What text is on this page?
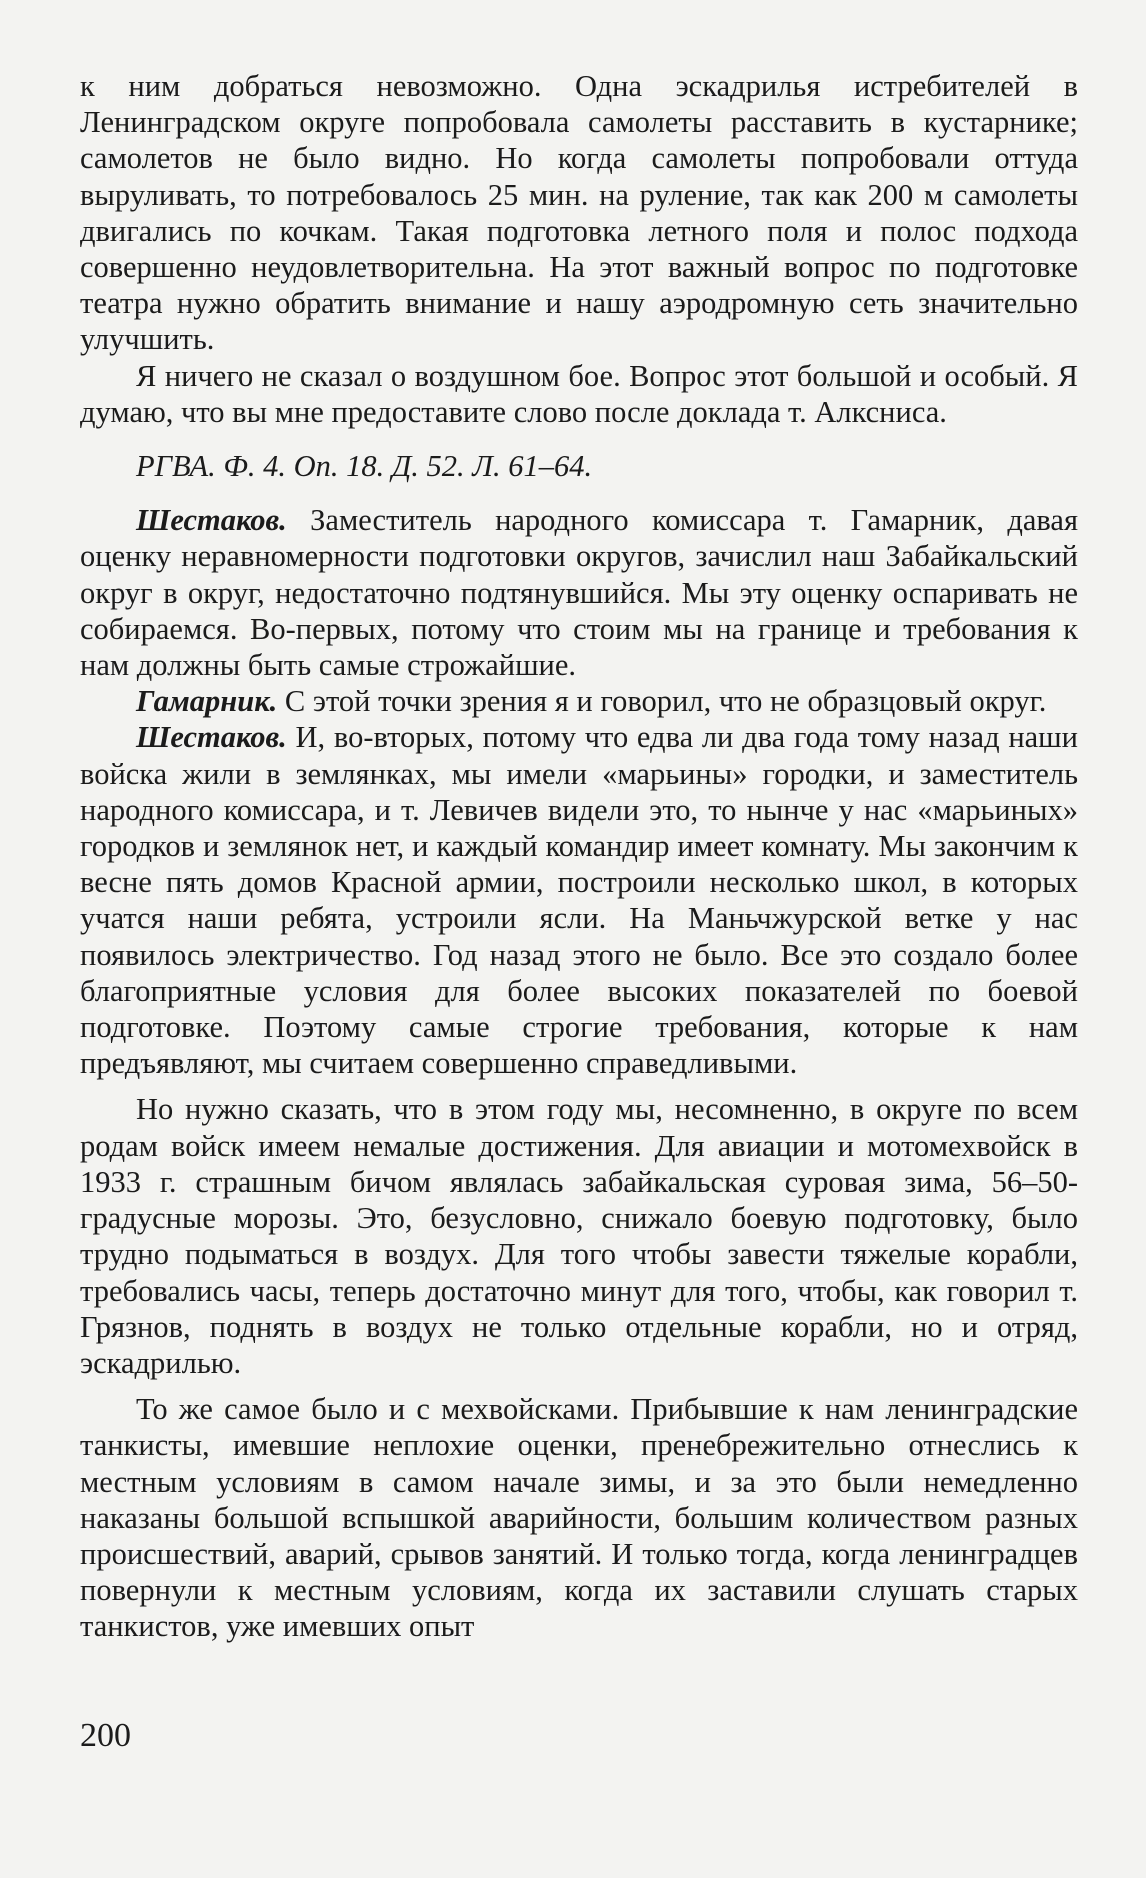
к ним добраться невозможно. Одна эскадрилья истребителей в Ленинградском округе попробовала самолеты расставить в кустарнике; самолетов не было видно. Но когда самолеты попробовали оттуда выруливать, то потребовалось 25 мин. на руление, так как 200 м самолеты двигались по кочкам. Такая подготовка летного поля и полос подхода совершенно неудовлетворительна. На этот важный вопрос по подготовке театра нужно обратить внимание и нашу аэродромную сеть значительно улучшить.

Я ничего не сказал о воздушном бое. Вопрос этот большой и особый. Я думаю, что вы мне предоставите слово после доклада т. Алксниса.

РГВА. Ф. 4. Оп. 18. Д. 52. Л. 61–64.

Шестаков. Заместитель народного комиссара т. Гамарник, давая оценку неравномерности подготовки округов, зачислил наш Забайкальский округ в округ, недостаточно подтянувшийся. Мы эту оценку оспаривать не собираемся. Во-первых, потому что стоим мы на границе и требования к нам должны быть самые строжайшие.

Гамарник. С этой точки зрения я и говорил, что не образцовый округ.

Шестаков. И, во-вторых, потому что едва ли два года тому назад наши войска жили в землянках, мы имели «марьины» городки, и заместитель народного комиссара, и т. Левичев видели это, то нынче у нас «марьиных» городков и землянок нет, и каждый командир имеет комнату. Мы закончим к весне пять домов Красной армии, построили несколько школ, в которых учатся наши ребята, устроили ясли. На Маньчжурской ветке у нас появилось электричество. Год назад этого не было. Все это создало более благоприятные условия для более высоких показателей по боевой подготовке. Поэтому самые строгие требования, которые к нам предъявляют, мы считаем совершенно справедливыми.

Но нужно сказать, что в этом году мы, несомненно, в округе по всем родам войск имеем немалые достижения. Для авиации и мотомехвойск в 1933 г. страшным бичом являлась забайкальская суровая зима, 56–50-градусные морозы. Это, безусловно, снижало боевую подготовку, было трудно подыматься в воздух. Для того чтобы завести тяжелые корабли, требовались часы, теперь достаточно минут для того, чтобы, как говорил т. Грязнов, поднять в воздух не только отдельные корабли, но и отряд, эскадрилью.

То же самое было и с мехвойсками. Прибывшие к нам ленинградские танкисты, имевшие неплохие оценки, пренебрежительно отнеслись к местным условиям в самом начале зимы, и за это были немедленно наказаны большой вспышкой аварийности, большим количеством разных происшествий, аварий, срывов занятий. И только тогда, когда ленинградцев повернули к местным условиям, когда их заставили слушать старых танкистов, уже имевших опыт

200
